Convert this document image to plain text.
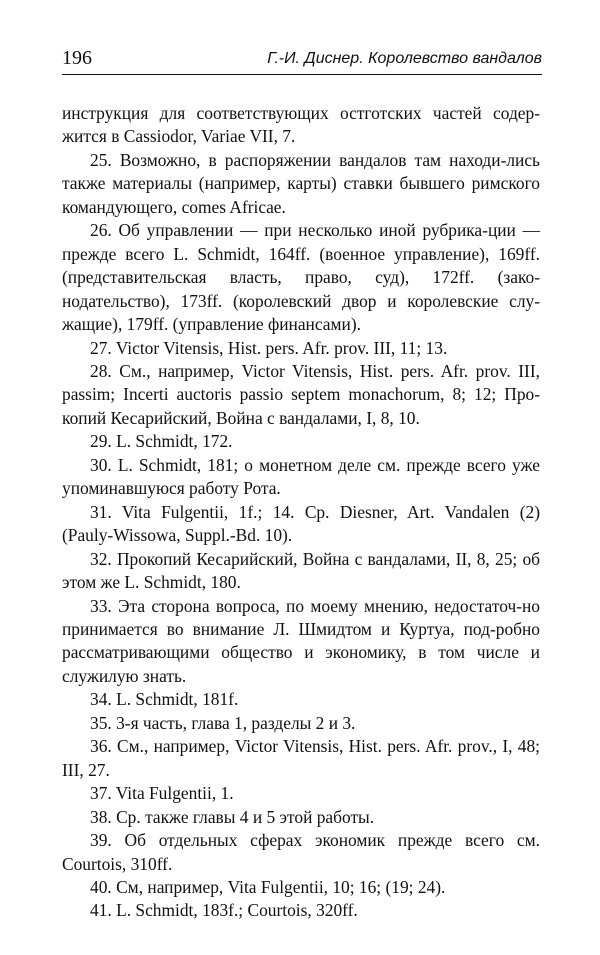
196	Г.-И. Диснер. Королевство вандалов

инструкция для соответствующих остготских частей содер-жится в Cassiodor, Variae VII, 7.

25. Возможно, в распоряжении вандалов там находи-лись также материалы (например, карты) ставки бывшего римского командующего, comes Africae.

26. Об управлении — при несколько иной рубрика-ции — прежде всего L. Schmidt, 164ff. (военное управление), 169ff. (представительская власть, право, суд), 172ff. (зако-нодательство), 173ff. (королевский двор и королевские слу-жащие), 179ff. (управление финансами).

27. Victor Vitensis, Hist. pers. Afr. prov. III, 11; 13.

28. См., например, Victor Vitensis, Hist. pers. Afr. prov. III, passim; Incerti auctoris passio septem monachorum, 8; 12; Про-копий Кесарийский, Война с вандалами, I, 8, 10.

29. L. Schmidt, 172.

30. L. Schmidt, 181; о монетном деле см. прежде всего уже упоминавшуюся работу Рота.

31. Vita Fulgentii, 1f.; 14. Ср. Diesner, Art. Vandalen (2) (Pauly-Wissowa, Suppl.-Bd. 10).

32. Прокопий Кесарийский, Война с вандалами, II, 8, 25; об этом же L. Schmidt, 180.

33. Эта сторона вопроса, по моему мнению, недостаточ-но принимается во внимание Л. Шмидтом и Куртуа, под-робно рассматривающими общество и экономику, в том числе и служилую знать.

34. L. Schmidt, 181f.

35. 3-я часть, глава 1, разделы 2 и 3.

36. См., например, Victor Vitensis, Hist. pers. Afr. prov., I, 48; III, 27.

37. Vita Fulgentii, 1.

38. Ср. также главы 4 и 5 этой работы.

39. Об отдельных сферах экономик прежде всего см. Courtois, 310ff.

40. См, например, Vita Fulgentii, 10; 16; (19; 24).

41. L. Schmidt, 183f.; Courtois, 320ff.
